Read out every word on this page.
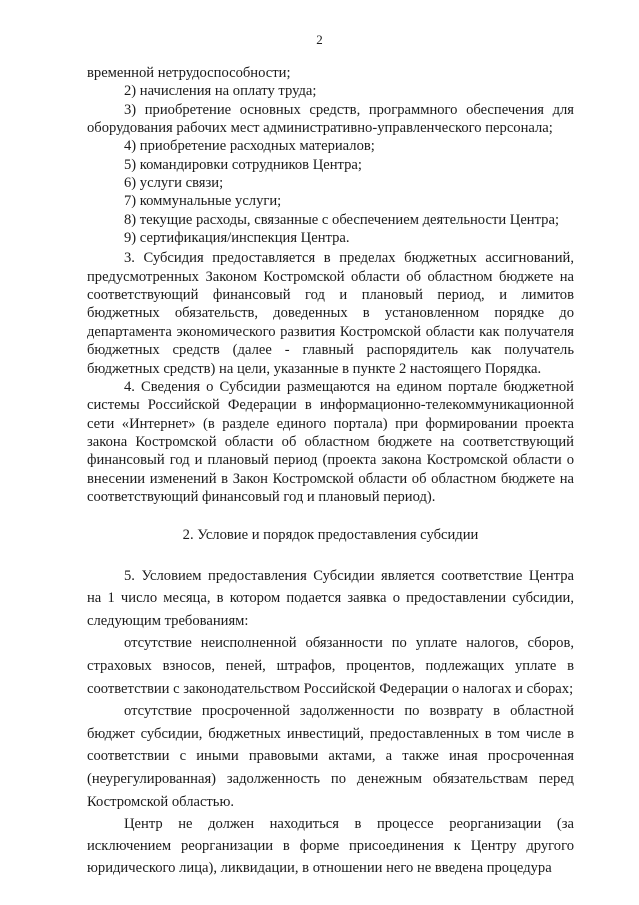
2

временной нетрудоспособности;

2) начисления на оплату труда;

3) приобретение основных средств, программного обеспечения для оборудования рабочих мест административно-управленческого персонала;

4) приобретение расходных материалов;

5) командировки сотрудников Центра;

6) услуги связи;

7) коммунальные услуги;

8) текущие расходы, связанные с обеспечением деятельности Центра;

9) сертификация/инспекция Центра.

3. Субсидия предоставляется в пределах бюджетных ассигнований, предусмотренных Законом Костромской области об областном бюджете на соответствующий финансовый год и плановый период, и лимитов бюджетных обязательств, доведенных в установленном порядке до департамента экономического развития Костромской области как получателя бюджетных средств (далее - главный распорядитель как получатель бюджетных средств) на цели, указанные в пункте 2 настоящего Порядка.

4. Сведения о Субсидии размещаются на едином портале бюджетной системы Российской Федерации в информационно-телекоммуникационной сети «Интернет» (в разделе единого портала) при формировании проекта закона Костромской области об областном бюджете на соответствующий финансовый год и плановый период (проекта закона Костромской области о внесении изменений в Закон Костромской области об областном бюджете на соответствующий финансовый год и плановый период).

2. Условие и порядок предоставления субсидии

5. Условием предоставления Субсидии является соответствие Центра на 1 число месяца, в котором подается заявка о предоставлении субсидии, следующим требованиям:

отсутствие неисполненной обязанности по уплате налогов, сборов, страховых взносов, пеней, штрафов, процентов, подлежащих уплате в соответствии с законодательством Российской Федерации о налогах и сборах;

отсутствие просроченной задолженности по возврату в областной бюджет субсидии, бюджетных инвестиций, предоставленных в том числе в соответствии с иными правовыми актами, а также иная просроченная (неурегулированная) задолженность по денежным обязательствам перед Костромской областью.

Центр не должен находиться в процессе реорганизации (за исключением реорганизации в форме присоединения к Центру другого юридического лица), ликвидации, в отношении него не введена процедура
